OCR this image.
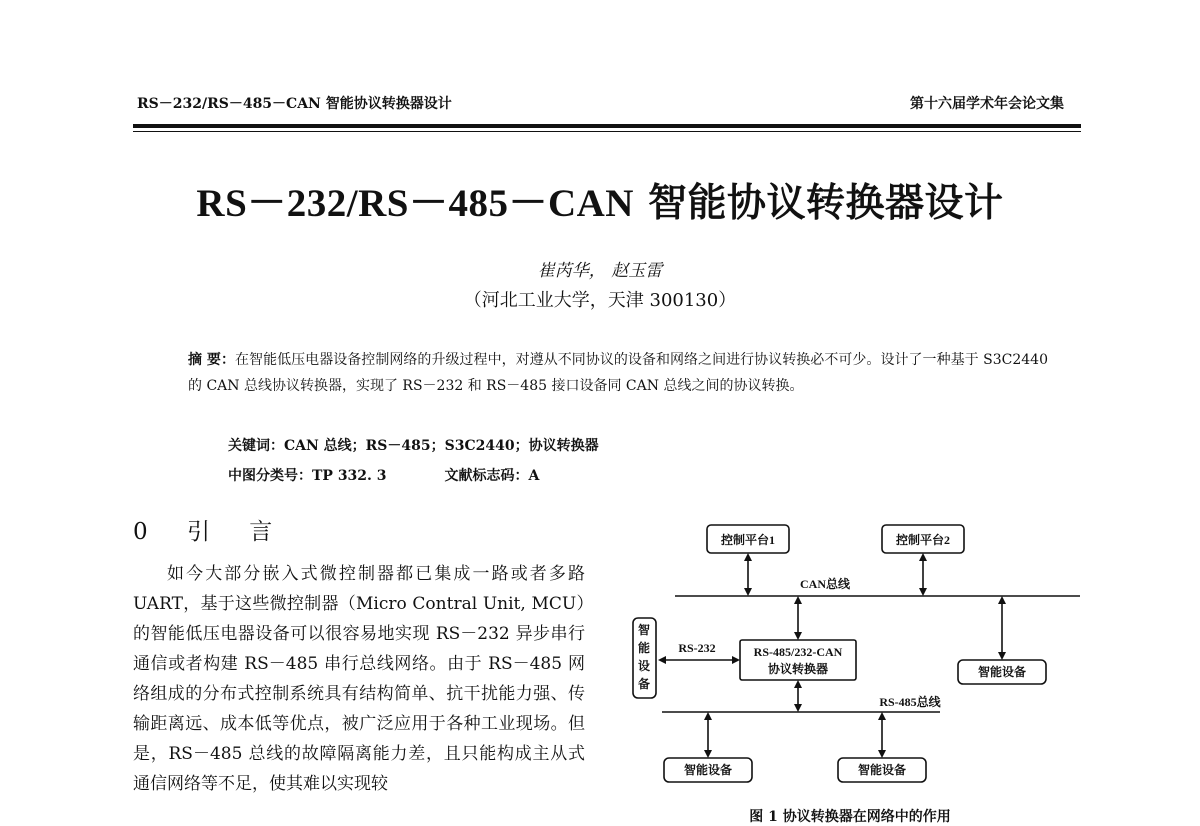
RS－232/RS－485－CAN 智能协议转换器设计	第十六届学术年会论文集
RS－232/RS－485－CAN 智能协议转换器设计
崔芮华， 赵玉雷
（河北工业大学，天津 300130）
摘 要：在智能低压电器设备控制网络的升级过程中，对遵从不同协议的设备和网络之间进行协议转换必不可少。设计了一种基于 S3C2440 的 CAN 总线协议转换器，实现了 RS－232 和 RS－485 接口设备同 CAN 总线之间的协议转换。
关键词：CAN 总线；RS－485；S3C2440；协议转换器
中图分类号：TP 332. 3	文献标志码：A
0 引 言

如今大部分嵌入式微控制器都已集成一路或者多路 UART，基于这些微控制器（Micro Contral Unit, MCU）的智能低压电器设备可以很容易地实现 RS－232 异步串行通信或者构建 RS－485 串行总线网络。由于 RS－485 网络组成的分布式控制系统具有结构简单、抗干扰能力强、传输距离远、成本低等优点，被广泛应用于各种工业现场。但是，RS－485 总线的故障隔离能力差，且只能构成主从式通信网络等不足，使其难以实现较

控制平台1	控制平台2
RS-485/232-CAN
协议转换器	智能设备
智能设备	智能设备
CAN总线
RS-232
RS-485总线
智
能
设
备
图 1 协议转换器在网络中的作用
